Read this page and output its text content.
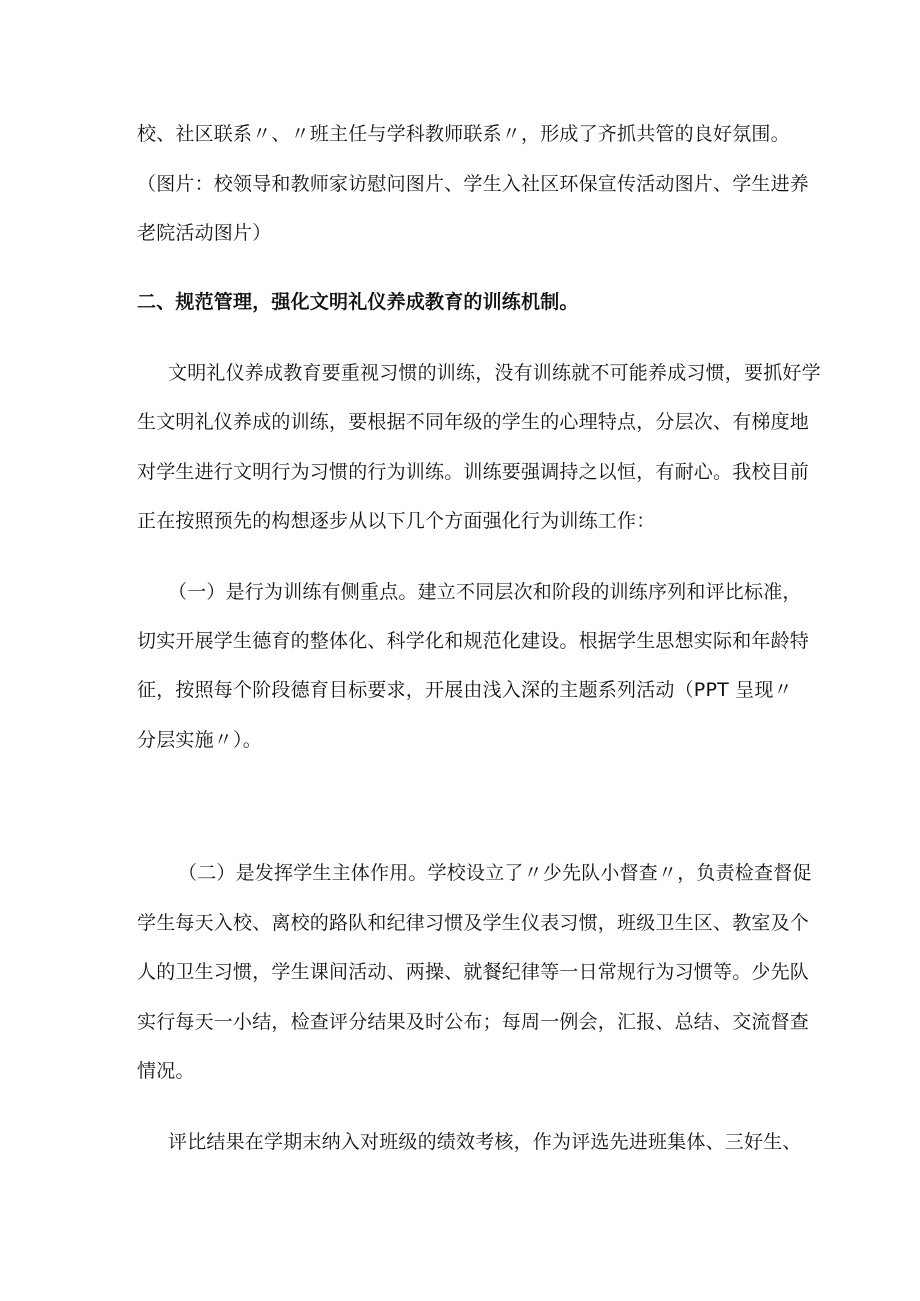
校、社区联系〃、〃班主任与学科教师联系〃，形成了齐抓共管的良好氛围。
（图片：校领导和教师家访慰问图片、学生入社区环保宣传活动图片、学生进养
老院活动图片）
二、规范管理，强化文明礼仪养成教育的训练机制。
文明礼仪养成教育要重视习惯的训练，没有训练就不可能养成习惯，要抓好学
生文明礼仪养成的训练，要根据不同年级的学生的心理特点，分层次、有梯度地
对学生进行文明行为习惯的行为训练。训练要强调持之以恒，有耐心。我校目前
正在按照预先的构想逐步从以下几个方面强化行为训练工作：
（一）是行为训练有侧重点。建立不同层次和阶段的训练序列和评比标准，
切实开展学生德育的整体化、科学化和规范化建设。根据学生思想实际和年龄特
征，按照每个阶段德育目标要求，开展由浅入深的主题系列活动（PPT 呈现〃
分层实施〃）。
（二）是发挥学生主体作用。学校设立了〃少先队小督查〃，负责检查督促
学生每天入校、离校的路队和纪律习惯及学生仪表习惯，班级卫生区、教室及个
人的卫生习惯，学生课间活动、两操、就餐纪律等一日常规行为习惯等。少先队
实行每天一小结，检查评分结果及时公布；每周一例会，汇报、总结、交流督查
情况。
评比结果在学期末纳入对班级的绩效考核，作为评选先进班集体、三好生、
